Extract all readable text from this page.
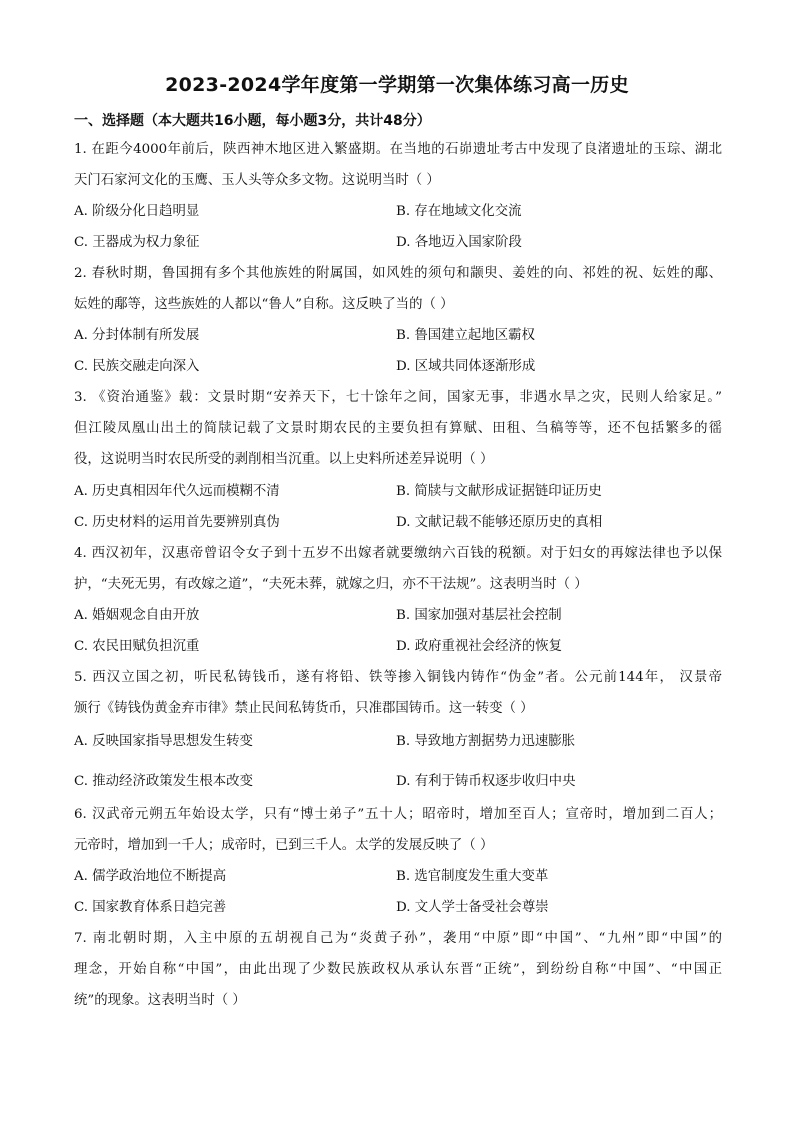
2023-2024学年度第一学期第一次集体练习高一历史
一、选择题（本大题共16小题，每小题3分，共计48分）
1. 在距今4000年前后，陕西神木地区进入繁盛期。在当地的石峁遗址考古中发现了良渚遗址的玉琮、湖北
天门石家河文化的玉鹰、玉人头等众多文物。这说明当时（ ）
A. 阶级分化日趋明显	B. 存在地域文化交流
C. 王器成为权力象征	D. 各地迈入国家阶段
2. 春秋时期，鲁国拥有多个其他族姓的附属国，如风姓的须句和颛臾、姜姓的向、祁姓的祝、妘姓的鄅、
妘姓的鄅等，这些族姓的人都以“鲁人”自称。这反映了当的（ ）
A. 分封体制有所发展	B. 鲁国建立起地区霸权
C. 民族交融走向深入	D. 区域共同体逐渐形成
3. 《资治通鉴》载：文景时期“安养天下，七十馀年之间，国家无事，非遇水旱之灾，民则人给家足。”
但江陵凤凰山出土的简牍记载了文景时期农民的主要负担有算赋、田租、刍稿等等，还不包括繁多的徭
役，这说明当时农民所受的剥削相当沉重。以上史料所述差异说明（ ）
A. 历史真相因年代久远而模糊不清	B. 简牍与文献形成证据链印证历史
C. 历史材料的运用首先要辨别真伪	D. 文献记载不能够还原历史的真相
4. 西汉初年，汉惠帝曾诏令女子到十五岁不出嫁者就要缴纳六百钱的税额。对于妇女的再嫁法律也予以保
护，“夫死无男，有改嫁之道”，“夫死未葬，就嫁之归，亦不干法规”。这表明当时（ ）
A. 婚姻观念自由开放	B. 国家加强对基层社会控制
C. 农民田赋负担沉重	D. 政府重视社会经济的恢复
5. 西汉立国之初，听民私铸钱币，遂有将铅、铁等掺入铜钱内铸作“伪金”者。公元前144年， 汉景帝
颁行《铸钱伪黄金弃市律》禁止民间私铸货币，只准郡国铸币。这一转变（ ）
A. 反映国家指导思想发生转变	B. 导致地方割据势力迅速膨胀
C. 推动经济政策发生根本改变	D. 有利于铸币权逐步收归中央
6. 汉武帝元朔五年始设太学，只有“博士弟子”五十人；昭帝时，增加至百人；宣帝时，增加到二百人；
元帝时，增加到一千人；成帝时，已到三千人。太学的发展反映了（ ）
A. 儒学政治地位不断提高	B. 选官制度发生重大变革
C. 国家教育体系日趋完善	D. 文人学士备受社会尊崇
7. 南北朝时期，入主中原的五胡视自己为“炎黄子孙”，袭用“中原”即“中国”、“九州”即“中国”的
理念，开始自称“中国”，由此出现了少数民族政权从承认东晋“正统”，到纷纷自称“中国”、“中国正
统”的现象。这表明当时（ ）
